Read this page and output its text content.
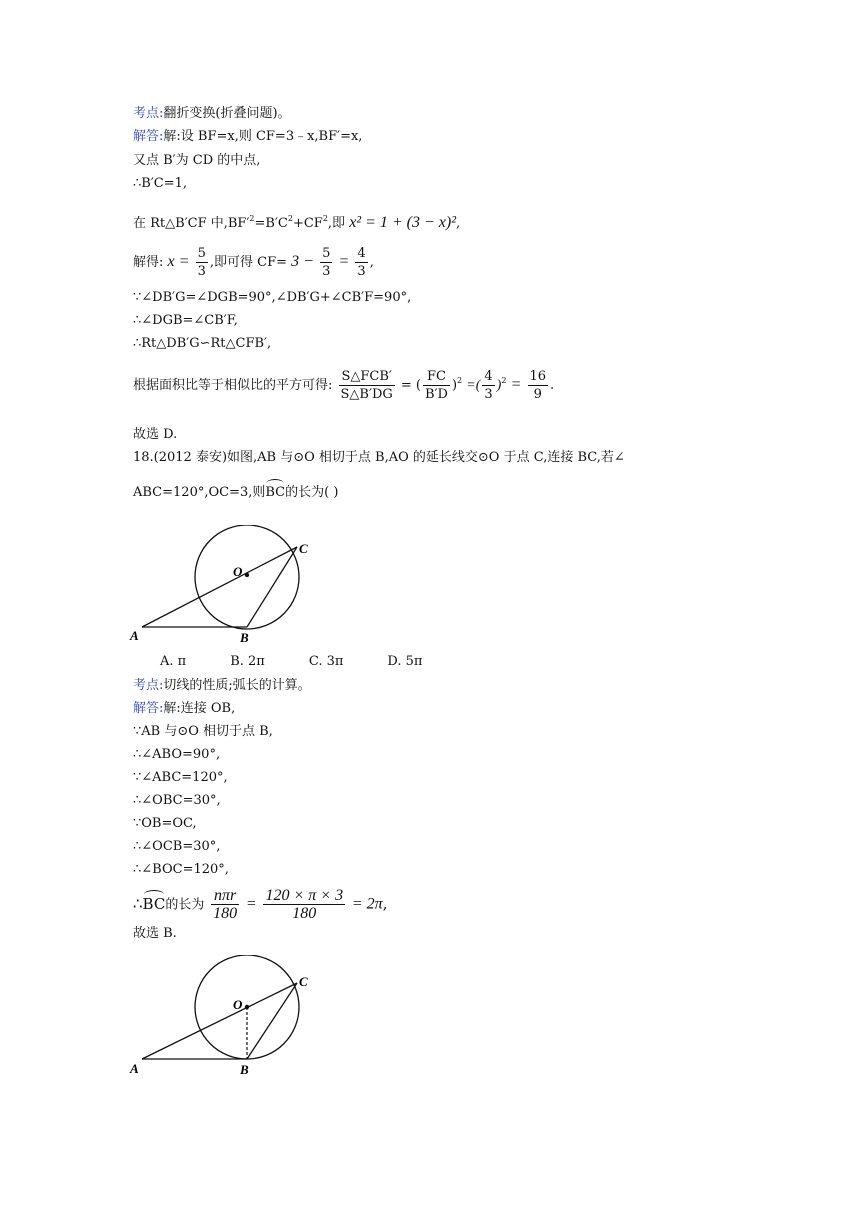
考点:翻折变换(折叠问题)。
解答:解:设 BF=x,则 CF=3﹣x,BF′=x,
又点 B′为 CD 的中点,
∴B′C=1,
在 Rt△B′CF 中$,BF'^2=B'C^2+CF^2$,即 x² = 1 + (3 − x)²,
解得: $x = \frac{5}{3}$ ,即可得 $CF= 3 - \frac{5}{3} = \frac{4}{3}$ ,
∵∠DB′G=∠DGB=90°,∠DB′G+∠CB′F=90°,
∴∠DGB=∠CB′F,
∴Rt△DB′G∽Rt△CFB′,
根据面积比等于相似比的平方可得: $\frac{\text{S△FCB′}}{S\triangle B'DG}$ = ( $\frac{FC}{B'D} )^2$ =( $\frac{4}{3} )^2 = \frac{16}{9}$ .
故选 D.
18.(2012 泰安)如图,AB 与⊙O 相切于点 B,AO 的延长线交⊙O 于点 C,连接 BC,若∠
ABC=120°,OC=3,则BC的长为( )
O
C
A	B
A. π	B. 2π	C. 3π	D. 5π
考点:切线的性质;弧长的计算。
解答:解:连接 OB,
∵AB 与⊙O 相切于点 B,
∴∠ABO=90°,
∵∠ABC=120°,
∴∠OBC=30°,
∵OB=OC,
∴∠OCB=30°,
∴∠BOC=120°,
∴BC的长为 $\frac{\text{nπr}}{180} = \frac{120 \times \pi \times 3}{180} = 2\pi$,
故选 B.
O
C
A	B
